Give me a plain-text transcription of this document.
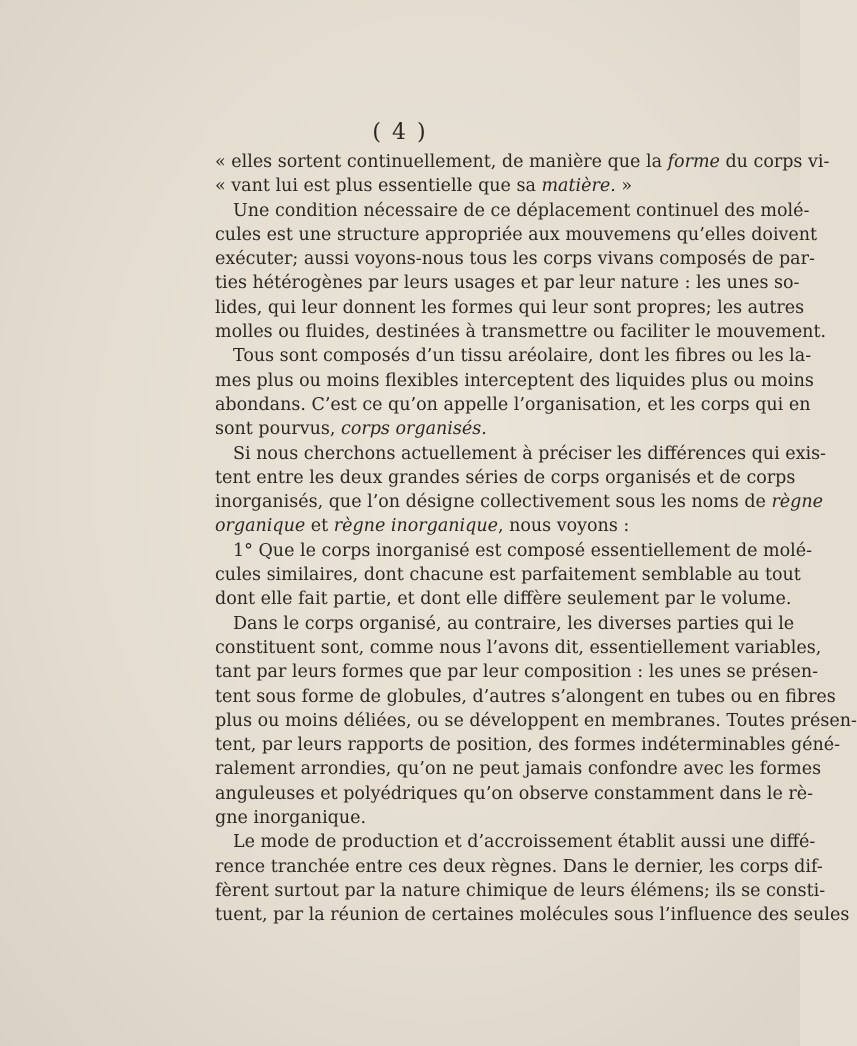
( 4 )
« elles sortent continuellement, de manière que la forme du corps vi-
« vant lui est plus essentielle que sa matière. »
Une condition nécessaire de ce déplacement continuel des molé-
cules est une structure appropriée aux mouvemens qu’elles doivent
exécuter; aussi voyons-nous tous les corps vivans composés de par-
ties hétérogènes par leurs usages et par leur nature : les unes so-
lides, qui leur donnent les formes qui leur sont propres; les autres
molles ou fluides, destinées à transmettre ou faciliter le mouvement.
Tous sont composés d’un tissu aréolaire, dont les fibres ou les la-
mes plus ou moins flexibles interceptent des liquides plus ou moins
abondans. C’est ce qu’on appelle l’organisation, et les corps qui en
sont pourvus, corps organisés.
Si nous cherchons actuellement à préciser les différences qui exis-
tent entre les deux grandes séries de corps organisés et de corps
inorganisés, que l’on désigne collectivement sous les noms de règne
organique et règne inorganique, nous voyons :
1° Que le corps inorganisé est composé essentiellement de molé-
cules similaires, dont chacune est parfaitement semblable au tout
dont elle fait partie, et dont elle diffère seulement par le volume.
Dans le corps organisé, au contraire, les diverses parties qui le
constituent sont, comme nous l’avons dit, essentiellement variables,
tant par leurs formes que par leur composition : les unes se présen-
tent sous forme de globules, d’autres s’alongent en tubes ou en fibres
plus ou moins déliées, ou se développent en membranes. Toutes présen-
tent, par leurs rapports de position, des formes indéterminables géné-
ralement arrondies, qu’on ne peut jamais confondre avec les formes
anguleuses et polyédriques qu’on observe constamment dans le rè-
gne inorganique.
Le mode de production et d’accroissement établit aussi une diffé-
rence tranchée entre ces deux règnes. Dans le dernier, les corps dif-
fèrent surtout par la nature chimique de leurs élémens; ils se consti-
tuent, par la réunion de certaines molécules sous l’influence des seules
